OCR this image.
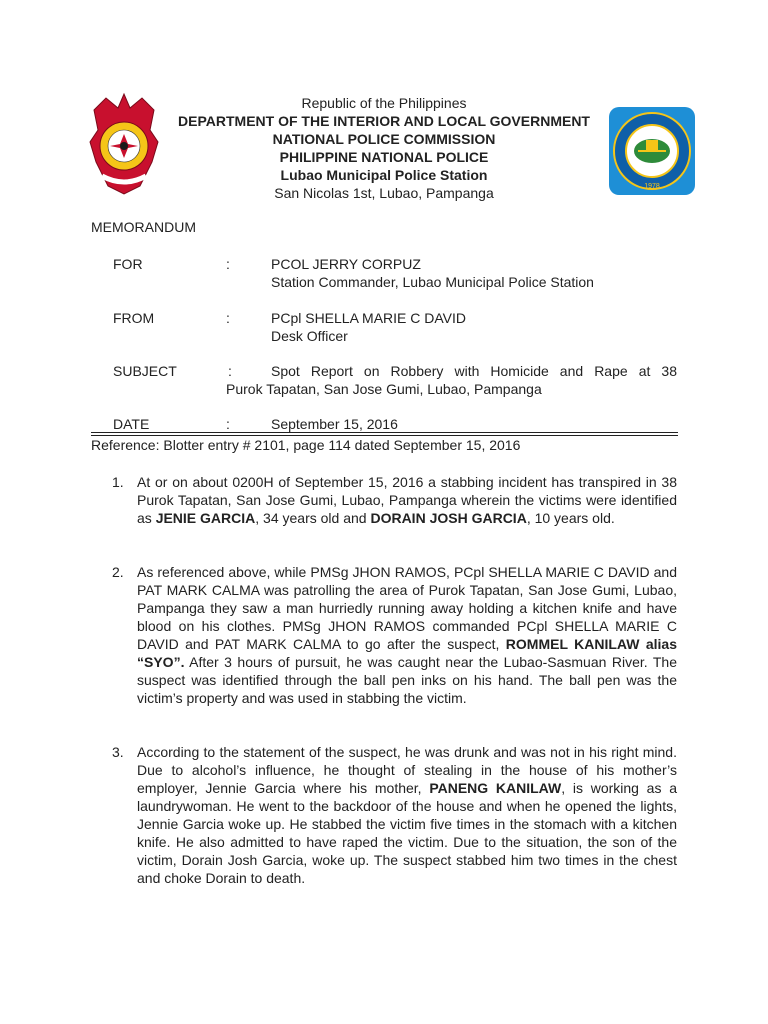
1978
Republic of the Philippines
DEPARTMENT OF THE INTERIOR AND LOCAL GOVERNMENT
NATIONAL POLICE COMMISSION
PHILIPPINE NATIONAL POLICE
Lubao Municipal Police Station
San Nicolas 1st, Lubao, Pampanga
MEMORANDUM
FOR	:	PCOL JERRY CORPUZ
Station Commander, Lubao Municipal Police Station
FROM	:	PCpl SHELLA MARIE C DAVID
Desk Officer
SUBJECT	:	Spot Report on Robbery with Homicide and Rape at 38
Purok Tapatan, San Jose Gumi, Lubao, Pampanga
DATE	:	September 15, 2016
Reference: Blotter entry # 2101, page 114 dated September 15, 2016
1. At or on about 0200H of September 15, 2016 a stabbing incident has transpired in 38 Purok Tapatan, San Jose Gumi, Lubao, Pampanga wherein the victims were identified as JENIE GARCIA, 34 years old and DORAIN JOSH GARCIA, 10 years old.
2. As referenced above, while PMSg JHON RAMOS, PCpl SHELLA MARIE C DAVID and PAT MARK CALMA was patrolling the area of Purok Tapatan, San Jose Gumi, Lubao, Pampanga they saw a man hurriedly running away holding a kitchen knife and have blood on his clothes. PMSg JHON RAMOS commanded PCpl SHELLA MARIE C DAVID and PAT MARK CALMA to go after the suspect, ROMMEL KANILAW alias “SYO”. After 3 hours of pursuit, he was caught near the Lubao-Sasmuan River. The suspect was identified through the ball pen inks on his hand. The ball pen was the victim’s property and was used in stabbing the victim.
3. According to the statement of the suspect, he was drunk and was not in his right mind. Due to alcohol’s influence, he thought of stealing in the house of his mother’s employer, Jennie Garcia where his mother, PANENG KANILAW, is working as a laundrywoman. He went to the backdoor of the house and when he opened the lights, Jennie Garcia woke up. He stabbed the victim five times in the stomach with a kitchen knife. He also admitted to have raped the victim. Due to the situation, the son of the victim, Dorain Josh Garcia, woke up. The suspect stabbed him two times in the chest and choke Dorain to death.
